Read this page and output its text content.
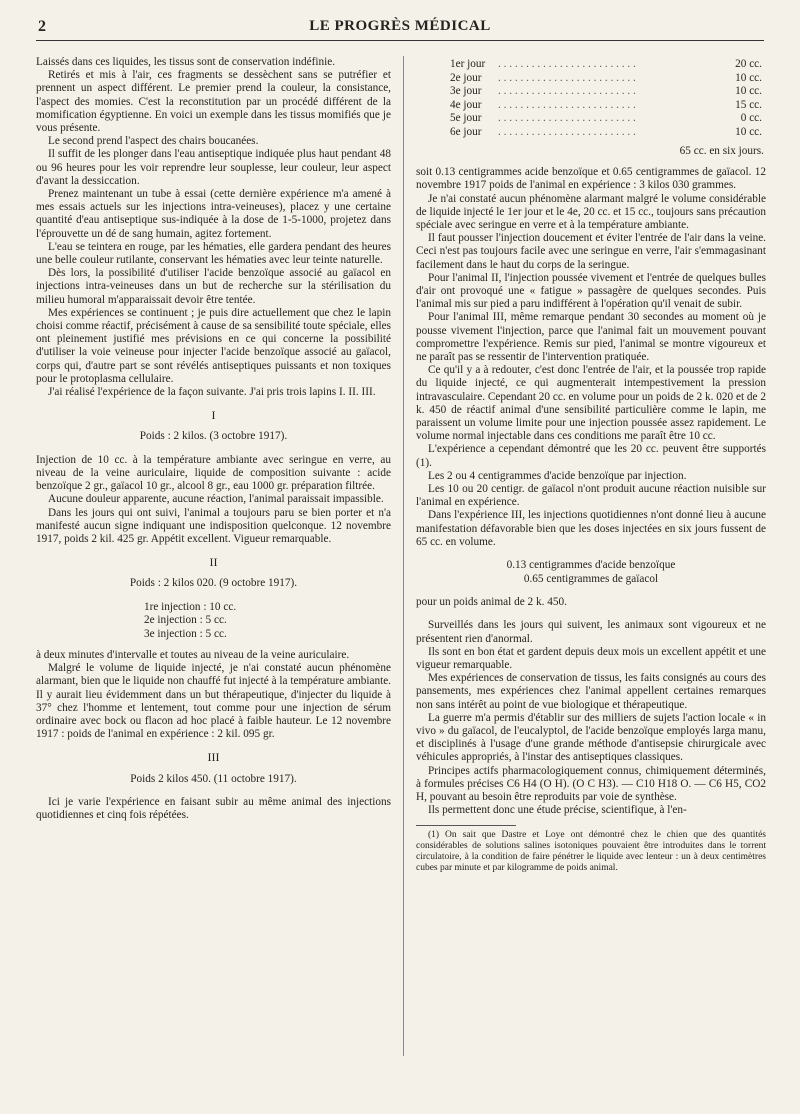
2	LE PROGRÈS MÉDICAL

Laissés dans ces liquides, les tissus sont de conservation indéfinie.

Retirés et mis à l'air, ces fragments se dessèchent sans se putréfier et prennent un aspect différent. Le premier prend la couleur, la consistance, l'aspect des momies. C'est la reconstitution par un procédé différent de la momification égyptienne. En voici un exemple dans les tissus momifiés que je vous présente.

Le second prend l'aspect des chairs boucanées.

Il suffit de les plonger dans l'eau antiseptique indiquée plus haut pendant 48 ou 96 heures pour les voir reprendre leur souplesse, leur couleur, leur aspect d'avant la dessiccation.

Prenez maintenant un tube à essai (cette dernière expérience m'a amené à mes essais actuels sur les injections intra-veineuses), placez y une certaine quantité d'eau antiseptique sus-indiquée à la dose de 1-5-1000, projetez dans l'éprouvette un dé de sang humain, agitez fortement.

L'eau se teintera en rouge, par les hématies, elle gardera pendant des heures une belle couleur rutilante, conservant les hématies avec leur teinte naturelle.

Dès lors, la possibilité d'utiliser l'acide benzoïque associé au gaïacol en injections intra-veineuses dans un but de recherche sur la stérilisation du milieu humoral m'apparaissait devoir être tentée.

Mes expériences se continuent ; je puis dire actuellement que chez le lapin choisi comme réactif, précisément à cause de sa sensibilité toute spéciale, elles ont pleinement justifié mes prévisions en ce qui concerne la possibilité d'utiliser la voie veineuse pour injecter l'acide benzoïque associé au gaïacol, corps qui, d'autre part se sont révélés antiseptiques puissants et non toxiques pour le protoplasma cellulaire.

J'ai réalisé l'expérience de la façon suivante. J'ai pris trois lapins I. II. III.

I
Poids : 2 kilos. (3 octobre 1917).

Injection de 10 cc. à la température ambiante avec seringue en verre, au niveau de la veine auriculaire, liquide de composition suivante : acide benzoïque 2 gr., gaïacol 10 gr., alcool 8 gr., eau 1000 gr. préparation filtrée.

Aucune douleur apparente, aucune réaction, l'animal paraissait impassible.

Dans les jours qui ont suivi, l'animal a toujours paru se bien porter et n'a manifesté aucun signe indiquant une indisposition quelconque. 12 novembre 1917, poids 2 kil. 425 gr. Appétit excellent. Vigueur remarquable.

II
Poids : 2 kilos 020. (9 octobre 1917).
1re injection : 10 cc.
2e injection : 5 cc.
3e injection : 5 cc.

à deux minutes d'intervalle et toutes au niveau de la veine auriculaire.

Malgré le volume de liquide injecté, je n'ai constaté aucun phénomène alarmant, bien que le liquide non chauffé fut injecté à la température ambiante. Il y aurait lieu évidemment dans un but thérapeutique, d'injecter du liquide à 37° chez l'homme et lentement, tout comme pour une injection de sérum ordinaire avec bock ou flacon ad hoc placé à faible hauteur. Le 12 novembre 1917 : poids de l'animal en expérience : 2 kil. 095 gr.

III
Poids 2 kilos 450. (11 octobre 1917).

Ici je varie l'expérience en faisant subir au même animal des injections quotidiennes et cinq fois répétées.

1er jour	. . . . . . . . . . . . . . . . . . . . . . . . .	20 cc.
2e jour	. . . . . . . . . . . . . . . . . . . . . . . . .	10 cc.
3e jour	. . . . . . . . . . . . . . . . . . . . . . . . .	10 cc.
4e jour	. . . . . . . . . . . . . . . . . . . . . . . . .	15 cc.
5e jour	. . . . . . . . . . . . . . . . . . . . . . . . .	0 cc.
6e jour	. . . . . . . . . . . . . . . . . . . . . . . . .	10 cc.
65 cc. en six jours.

soit 0.13 centigrammes acide benzoïque et 0.65 centigrammes de gaïacol. 12 novembre 1917 poids de l'animal en expérience : 3 kilos 030 grammes.

Je n'ai constaté aucun phénomène alarmant malgré le volume considérable de liquide injecté le 1er jour et le 4e, 20 cc. et 15 cc., toujours sans précaution spéciale avec seringue en verre et à la température ambiante.

Il faut pousser l'injection doucement et éviter l'entrée de l'air dans la veine. Ceci n'est pas toujours facile avec une seringue en verre, l'air s'emmagasinant facilement dans le haut du corps de la seringue.

Pour l'animal II, l'injection poussée vivement et l'entrée de quelques bulles d'air ont provoqué une « fatigue » passagère de quelques secondes. Puis l'animal mis sur pied a paru indifférent à l'opération qu'il venait de subir.

Pour l'animal III, même remarque pendant 30 secondes au moment où je pousse vivement l'injection, parce que l'animal fait un mouvement pouvant compromettre l'expérience. Remis sur pied, l'animal se montre vigoureux et ne paraît pas se ressentir de l'intervention pratiquée.

Ce qu'il y a à redouter, c'est donc l'entrée de l'air, et la poussée trop rapide du liquide injecté, ce qui augmenterait intempestivement la pression intravasculaire. Cependant 20 cc. en volume pour un poids de 2 k. 020 et de 2 k. 450 de réactif animal d'une sensibilité particulière comme le lapin, me paraissent un volume limite pour une injection poussée assez rapidement. Le volume normal injectable dans ces conditions me paraît être 10 cc.

L'expérience a cependant démontré que les 20 cc. peuvent être supportés (1).

Les 2 ou 4 centigrammes d'acide benzoïque par injection.

Les 10 ou 20 centigr. de gaïacol n'ont produit aucune réaction nuisible sur l'animal en expérience.

Dans l'expérience III, les injections quotidiennes n'ont donné lieu à aucune manifestation défavorable bien que les doses injectées en six jours fussent de 65 cc. en volume.

0.13 centigrammes d'acide benzoïque
0.65 centigrammes de gaïacol

pour un poids animal de 2 k. 450.

Surveillés dans les jours qui suivent, les animaux sont vigoureux et ne présentent rien d'anormal.

Ils sont en bon état et gardent depuis deux mois un excellent appétit et une vigueur remarquable.

Mes expériences de conservation de tissus, les faits consignés au cours des pansements, mes expériences chez l'animal appellent certaines remarques non sans intérêt au point de vue biologique et thérapeutique.

La guerre m'a permis d'établir sur des milliers de sujets l'action locale « in vivo » du gaïacol, de l'eucalyptol, de l'acide benzoïque employés larga manu, et disciplinés à l'usage d'une grande méthode d'antisepsie chirurgicale avec véhicules appropriés, à l'instar des antiseptiques classiques.

Principes actifs pharmacologiquement connus, chimiquement déterminés, à formules précises C6 H4 (O H). (O C H3). — C10 H18 O. — C6 H5, CO2 H, pouvant au besoin être reproduits par voie de synthèse.

Ils permettent donc une étude précise, scientifique, à l'en-

(1) On sait que Dastre et Loye ont démontré chez le chien que des quantités considérables de solutions salines isotoniques pouvaient être introduites dans le torrent circulatoire, à la condition de faire pénétrer le liquide avec lenteur : un à deux centimètres cubes par minute et par kilogramme de poids animal.
